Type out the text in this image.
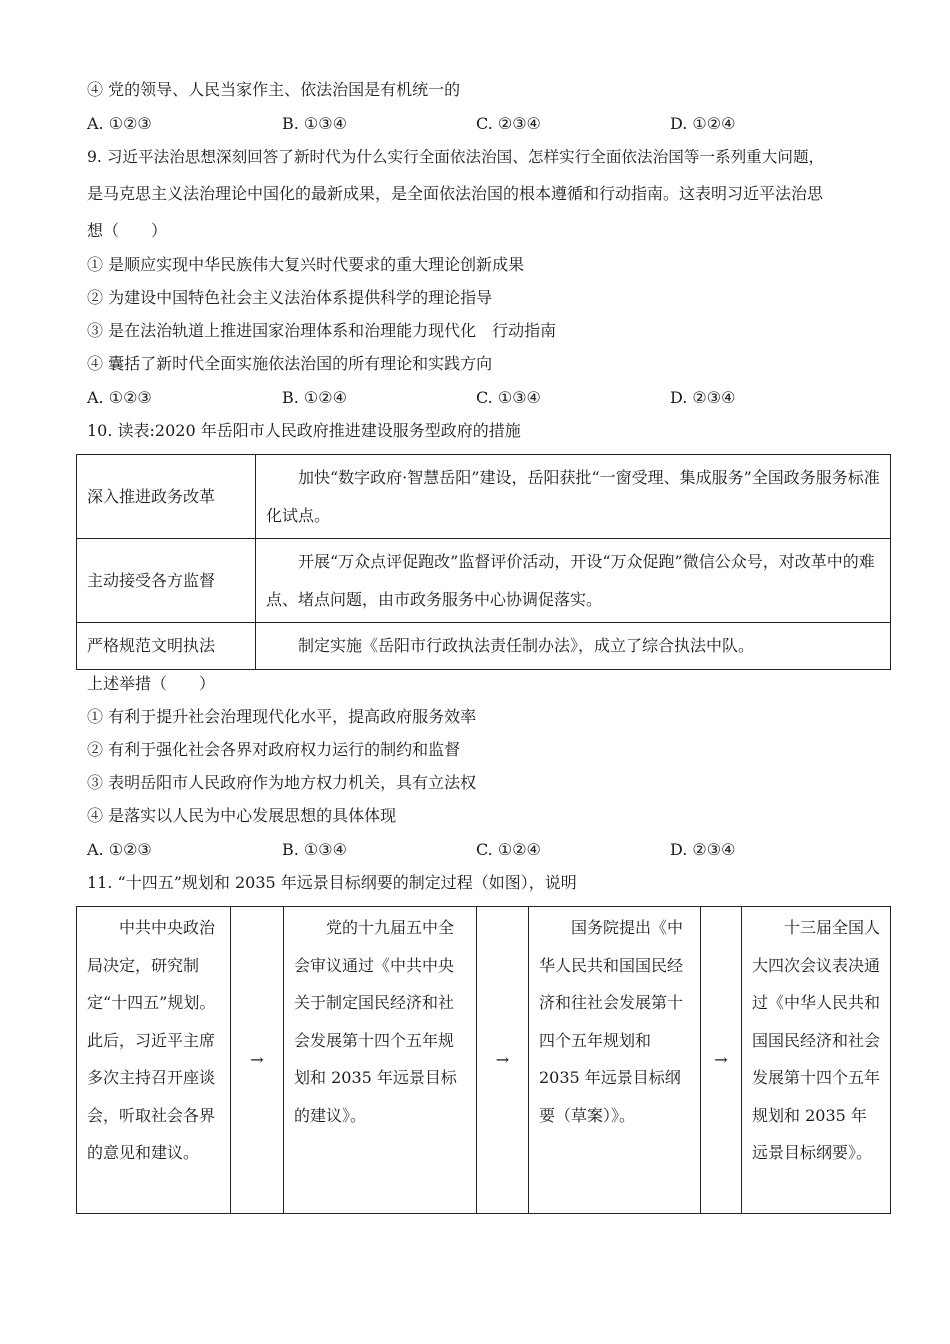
④ 党的领导、人民当家作主、依法治国是有机统一的
A. ①②③	B. ①③④	C. ②③④	D. ①②④
9. 习近平法治思想深刻回答了新时代为什么实行全面依法治国、怎样实行全面依法治国等一系列重大问题，
是马克思主义法治理论中国化的最新成果，是全面依法治国的根本遵循和行动指南。这表明习近平法治思
想（　　）
① 是顺应实现中华民族伟大复兴时代要求的重大理论创新成果
② 为建设中国特色社会主义法治体系提供科学的理论指导
③ 是在法治轨道上推进国家治理体系和治理能力现代化　行动指南
④ 囊括了新时代全面实施依法治国的所有理论和实践方向
A. ①②③	B. ①②④	C. ①③④	D. ②③④
10. 读表:2020 年岳阳市人民政府推进建设服务型政府的措施
深入推进政务改革	加快“数字政府·智慧岳阳”建设，岳阳获批“一窗受理、集成服务”全国政务服务标准化试点。
主动接受各方监督	开展“万众点评促跑改”监督评价活动，开设“万众促跑”微信公众号，对改革中的难点、堵点问题，由市政务服务中心协调促落实。
严格规范文明执法	制定实施《岳阳市行政执法责任制办法》，成立了综合执法中队。
上述举措（　　）
① 有利于提升社会治理现代化水平，提高政府服务效率
② 有利于强化社会各界对政府权力运行的制约和监督
③ 表明岳阳市人民政府作为地方权力机关，具有立法权
④ 是落实以人民为中心发展思想的具体体现
A. ①②③	B. ①③④	C. ①②④	D. ②③④
11. “十四五”规划和 2035 年远景目标纲要的制定过程（如图），说明
中共中央政治局决定，研究制定“十四五”规划。此后，习近平主席多次主持召开座谈会，听取社会各界的意见和建议。	→	党的十九届五中全会审议通过《中共中央关于制定国民经济和社会发展第十四个五年规划和 2035 年远景目标的建议》。	→	国务院提出《中华人民共和国国民经济和往社会发展第十四个五年规划和 2035 年远景目标纲要（草案）》。	→	十三届全国人大四次会议表决通过《中华人民共和国国民经济和社会发展第十四个五年规划和 2035 年远景目标纲要》。
